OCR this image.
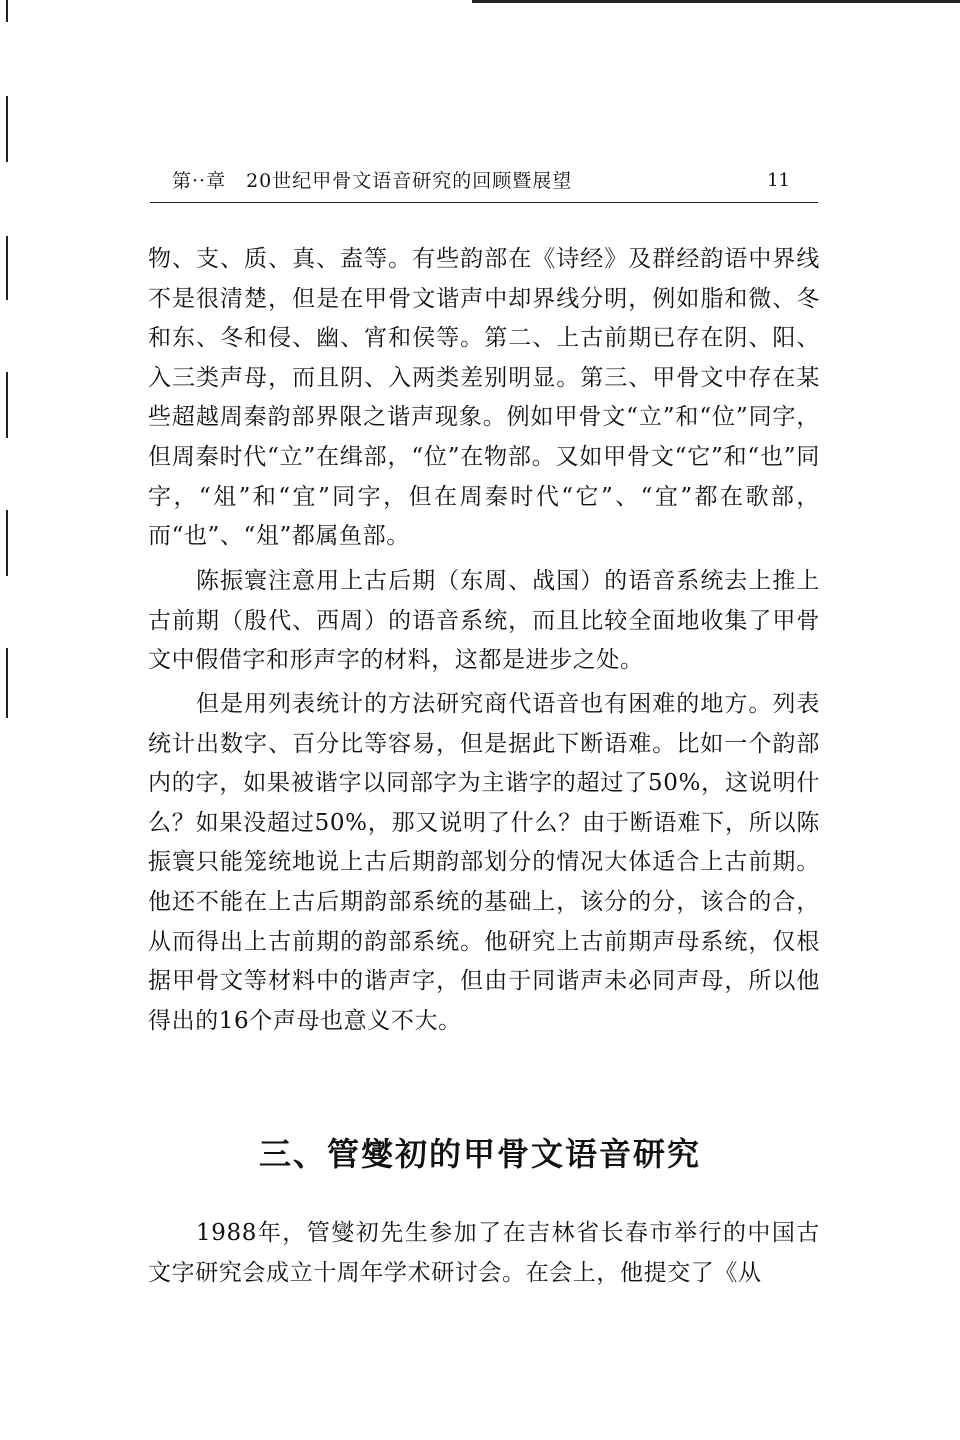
第··章　20世纪甲骨文语音研究的回顾暨展望	11

物、支、质、真、盍等。有些韵部在《诗经》及群经韵语中界线不是很清楚，但是在甲骨文谐声中却界线分明，例如脂和微、冬和东、冬和侵、幽、宵和侯等。第二、上古前期已存在阴、阳、入三类声母，而且阴、入两类差别明显。第三、甲骨文中存在某些超越周秦韵部界限之谐声现象。例如甲骨文“立”和“位”同字，但周秦时代“立”在缉部，“位”在物部。又如甲骨文“它”和“也”同字，“俎”和“宜”同字，但在周秦时代“它”、“宜”都在歌部，而“也”、“俎”都属鱼部。

陈振寰注意用上古后期（东周、战国）的语音系统去上推上古前期（殷代、西周）的语音系统，而且比较全面地收集了甲骨文中假借字和形声字的材料，这都是进步之处。

但是用列表统计的方法研究商代语音也有困难的地方。列表统计出数字、百分比等容易，但是据此下断语难。比如一个韵部内的字，如果被谐字以同部字为主谐字的超过了50%，这说明什么？如果没超过50%，那又说明了什么？由于断语难下，所以陈振寰只能笼统地说上古后期韵部划分的情况大体适合上古前期。他还不能在上古后期韵部系统的基础上，该分的分，该合的合，从而得出上古前期的韵部系统。他研究上古前期声母系统，仅根据甲骨文等材料中的谐声字，但由于同谐声未必同声母，所以他得出的16个声母也意义不大。

三、管燮初的甲骨文语音研究

1988年，管燮初先生参加了在吉林省长春市举行的中国古文字研究会成立十周年学术研讨会。在会上，他提交了《从
